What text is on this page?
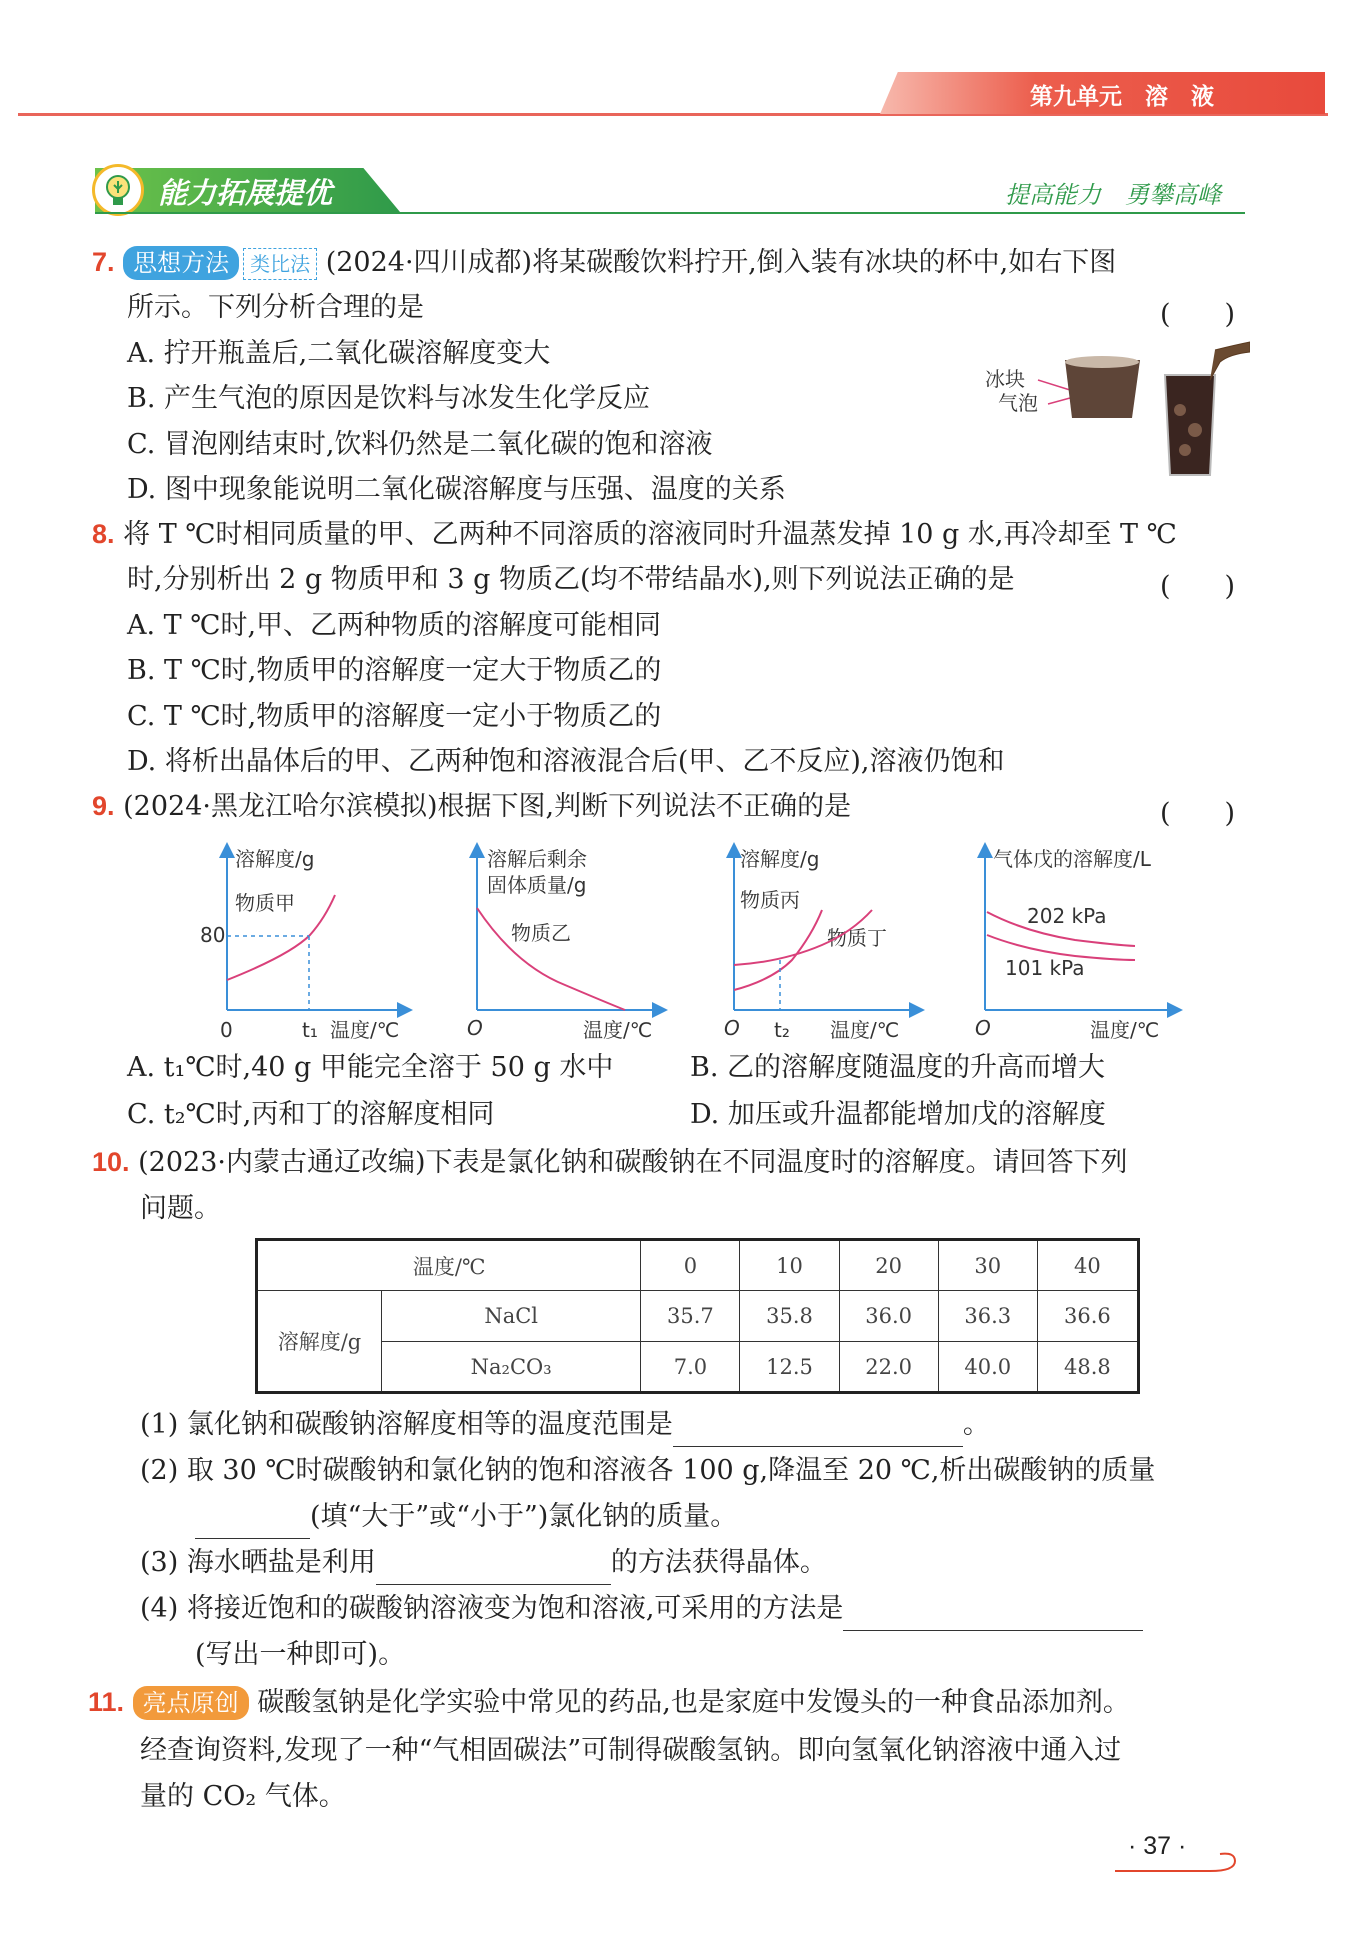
第九单元　溶　液
能力拓展提优	提高能力　勇攀高峰
7. 思想方法 类比法 (2024·四川成都)将某碳酸饮料拧开,倒入装有冰块的杯中,如右下图
所示。下列分析合理的是	(　　)
A. 拧开瓶盖后,二氧化碳溶解度变大
B. 产生气泡的原因是饮料与冰发生化学反应
C. 冒泡刚结束时,饮料仍然是二氧化碳的饱和溶液
D. 图中现象能说明二氧化碳溶解度与压强、温度的关系
冰块
气泡
8. 将 T ℃时相同质量的甲、乙两种不同溶质的溶液同时升温蒸发掉 10 g 水,再冷却至 T ℃
时,分别析出 2 g 物质甲和 3 g 物质乙(均不带结晶水),则下列说法正确的是	(　　)
A. T ℃时,甲、乙两种物质的溶解度可能相同
B. T ℃时,物质甲的溶解度一定大于物质乙的
C. T ℃时,物质甲的溶解度一定小于物质乙的
D. 将析出晶体后的甲、乙两种饱和溶液混合后(甲、乙不反应),溶液仍饱和
9. (2024·黑龙江哈尔滨模拟)根据下图,判断下列说法不正确的是	(　　)
溶解度/g
物质甲
80
0	t₁ 温度/℃
溶解后剩余
固体质量/g
物质乙
O	温度/℃
溶解度/g
物质丙
物质丁
O t₂ 温度/℃
气体戊的溶解度/L
202 kPa
101 kPa
O	温度/℃
A. t₁℃时,40 g 甲能完全溶于 50 g 水中	B. 乙的溶解度随温度的升高而增大
C. t₂℃时,丙和丁的溶解度相同	D. 加压或升温都能增加戊的溶解度
10. (2023·内蒙古通辽改编)下表是氯化钠和碳酸钠在不同温度时的溶解度。请回答下列
问题。
温度/℃		0	10	20	30	40
溶解度/g	NaCl	35.7	35.8	36.0	36.3	36.6
	Na₂CO₃	7.0	12.5	22.0	40.0	48.8
(1) 氯化钠和碳酸钠溶解度相等的温度范围是	。
(2) 取 30 ℃时碳酸钠和氯化钠的饱和溶液各 100 g,降温至 20 ℃,析出碳酸钠的质量
(填“大于”或“小于”)氯化钠的质量。
(3) 海水晒盐是利用	的方法获得晶体。
(4) 将接近饱和的碳酸钠溶液变为饱和溶液,可采用的方法是
(写出一种即可)。
11. 亮点原创 碳酸氢钠是化学实验中常见的药品,也是家庭中发馒头的一种食品添加剂。
经查询资料,发现了一种“气相固碳法”可制得碳酸氢钠。即向氢氧化钠溶液中通入过
量的 CO₂ 气体。
· 37 ·
